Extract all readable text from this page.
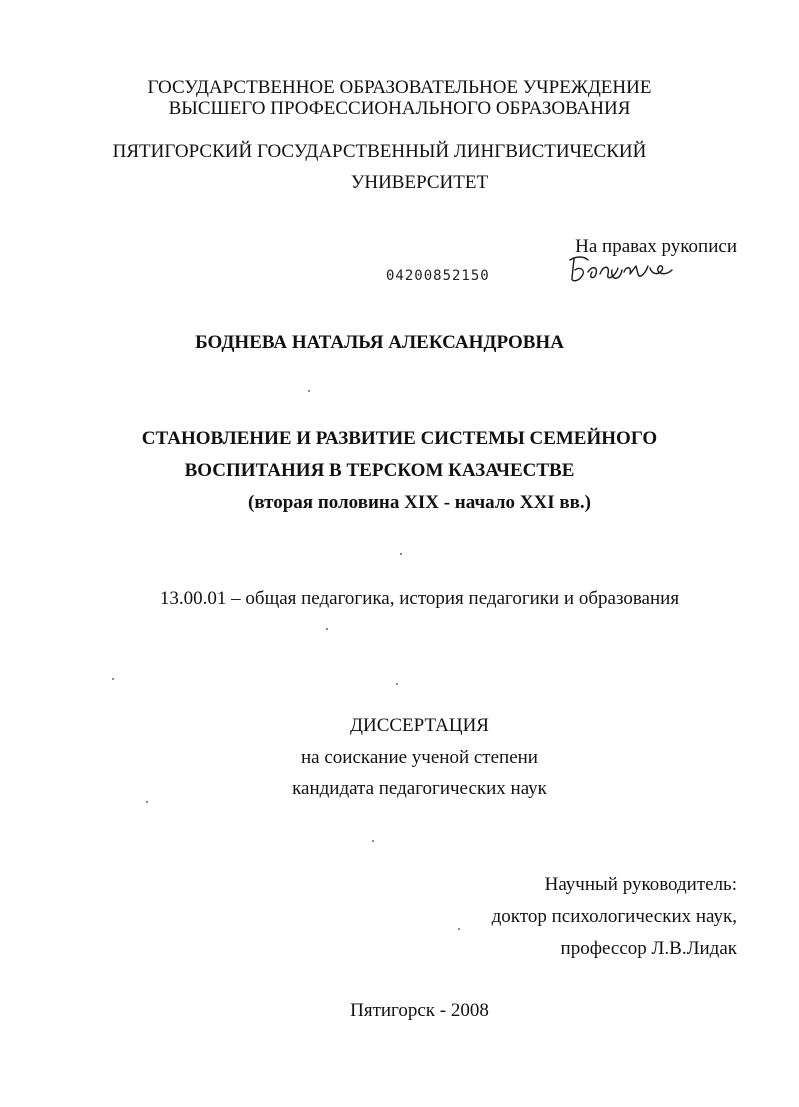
ГОСУДАРСТВЕННОЕ ОБРАЗОВАТЕЛЬНОЕ УЧРЕЖДЕНИЕ
ВЫСШЕГО ПРОФЕССИОНАЛЬНОГО ОБРАЗОВАНИЯ
ПЯТИГОРСКИЙ ГОСУДАРСТВЕННЫЙ ЛИНГВИСТИЧЕСКИЙ
УНИВЕРСИТЕТ
На правах рукописи
04200852150
БОДНЕВА НАТАЛЬЯ АЛЕКСАНДРОВНА
СТАНОВЛЕНИЕ И РАЗВИТИЕ СИСТЕМЫ СЕМЕЙНОГО
ВОСПИТАНИЯ В ТЕРСКОМ КАЗАЧЕСТВЕ
(вторая половина XIX - начало XXI вв.)
13.00.01 – общая педагогика, история педагогики и образования
ДИССЕРТАЦИЯ
на соискание ученой степени
кандидата педагогических наук
Научный руководитель:
доктор психологических наук,
профессор Л.В.Лидак
Пятигорск - 2008
